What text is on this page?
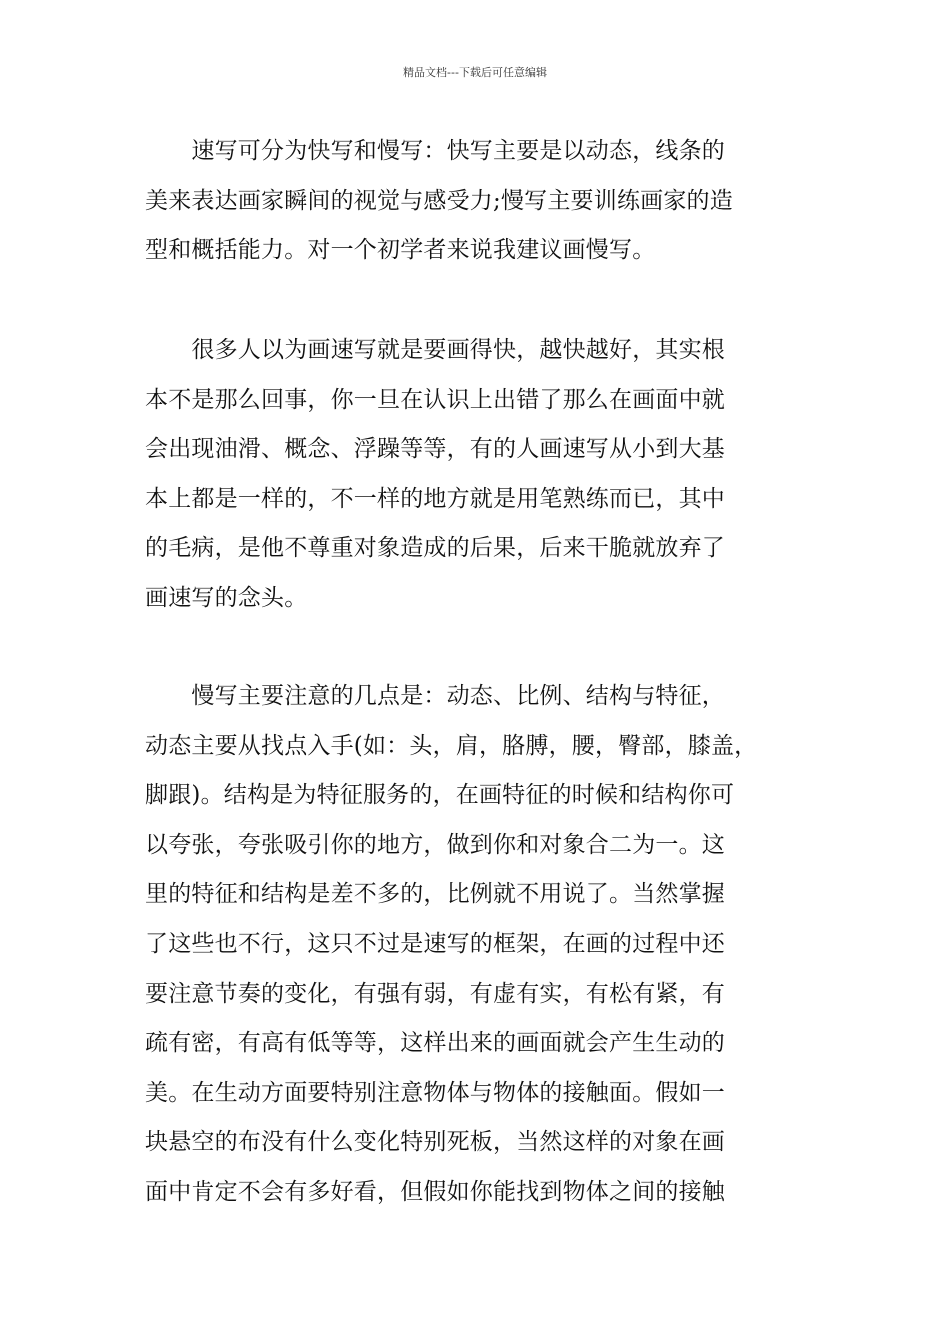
精品文档---下载后可任意编辑
　　速写可分为快写和慢写：快写主要是以动态，线条的
美来表达画家瞬间的视觉与感受力;慢写主要训练画家的造
型和概括能力。对一个初学者来说我建议画慢写。
　　很多人以为画速写就是要画得快，越快越好，其实根
本不是那么回事，你一旦在认识上出错了那么在画面中就
会出现油滑、概念、浮躁等等，有的人画速写从小到大基
本上都是一样的，不一样的地方就是用笔熟练而已，其中
的毛病，是他不尊重对象造成的后果，后来干脆就放弃了
画速写的念头。
　　慢写主要注意的几点是：动态、比例、结构与特征，
动态主要从找点入手(如：头，肩，胳膊，腰，臀部，膝盖，
脚跟)。结构是为特征服务的，在画特征的时候和结构你可
以夸张，夸张吸引你的地方，做到你和对象合二为一。这
里的特征和结构是差不多的，比例就不用说了。当然掌握
了这些也不行，这只不过是速写的框架，在画的过程中还
要注意节奏的变化，有强有弱，有虚有实，有松有紧，有
疏有密，有高有低等等，这样出来的画面就会产生生动的
美。在生动方面要特别注意物体与物体的接触面。假如一
块悬空的布没有什么变化特别死板，当然这样的对象在画
面中肯定不会有多好看，但假如你能找到物体之间的接触
